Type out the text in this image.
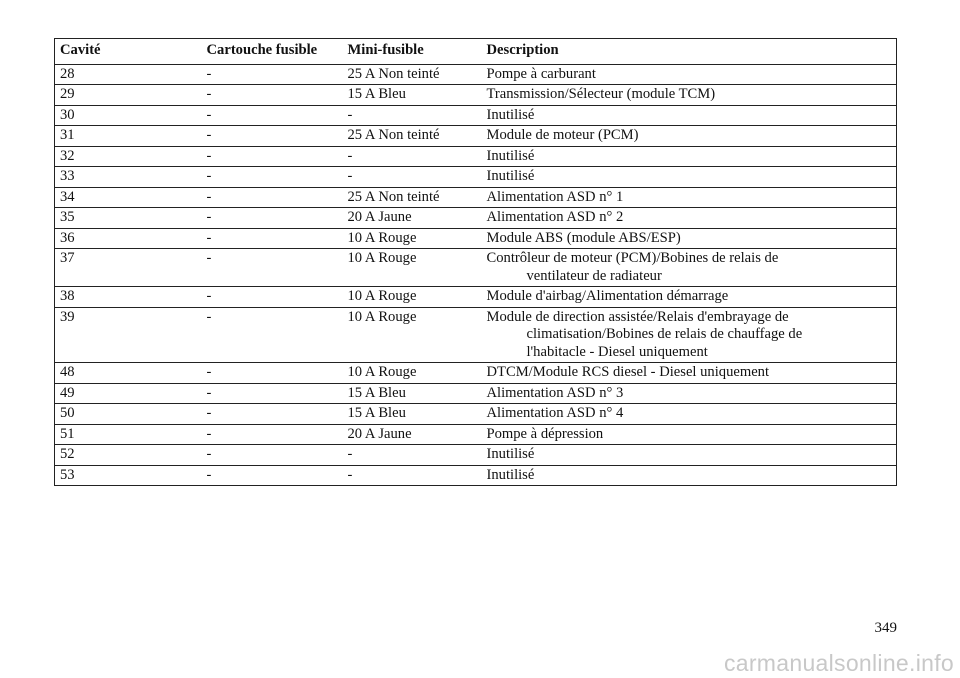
Cavité	Cartouche fusible	Mini-fusible	Description
28	-	25 A Non teinté	Pompe à carburant

29	-	15 A Bleu	Transmission/Sélecteur (module TCM)

30	-	-	Inutilisé

31	-	25 A Non teinté	Module de moteur (PCM)

32	-	-	Inutilisé

33	-	-	Inutilisé

34	-	25 A Non teinté	Alimentation ASD n° 1

35	-	20 A Jaune	Alimentation ASD n° 2

36	-	10 A Rouge	Module ABS (module ABS/ESP)

37	-	10 A Rouge	Contrôleur de moteur (PCM)/Bobines de relais de
ventilateur de radiateur

38	-	10 A Rouge	Module d'airbag/Alimentation démarrage

39	-	10 A Rouge	Module de direction assistée/Relais d'embrayage de
climatisation/Bobines de relais de chauffage de
l'habitacle - Diesel uniquement

48	-	10 A Rouge	DTCM/Module RCS diesel - Diesel uniquement

49	-	15 A Bleu	Alimentation ASD n° 3

50	-	15 A Bleu	Alimentation ASD n° 4

51	-	20 A Jaune	Pompe à dépression

52	-	-	Inutilisé

53	-	-	Inutilisé
349
carmanualsonline.info
